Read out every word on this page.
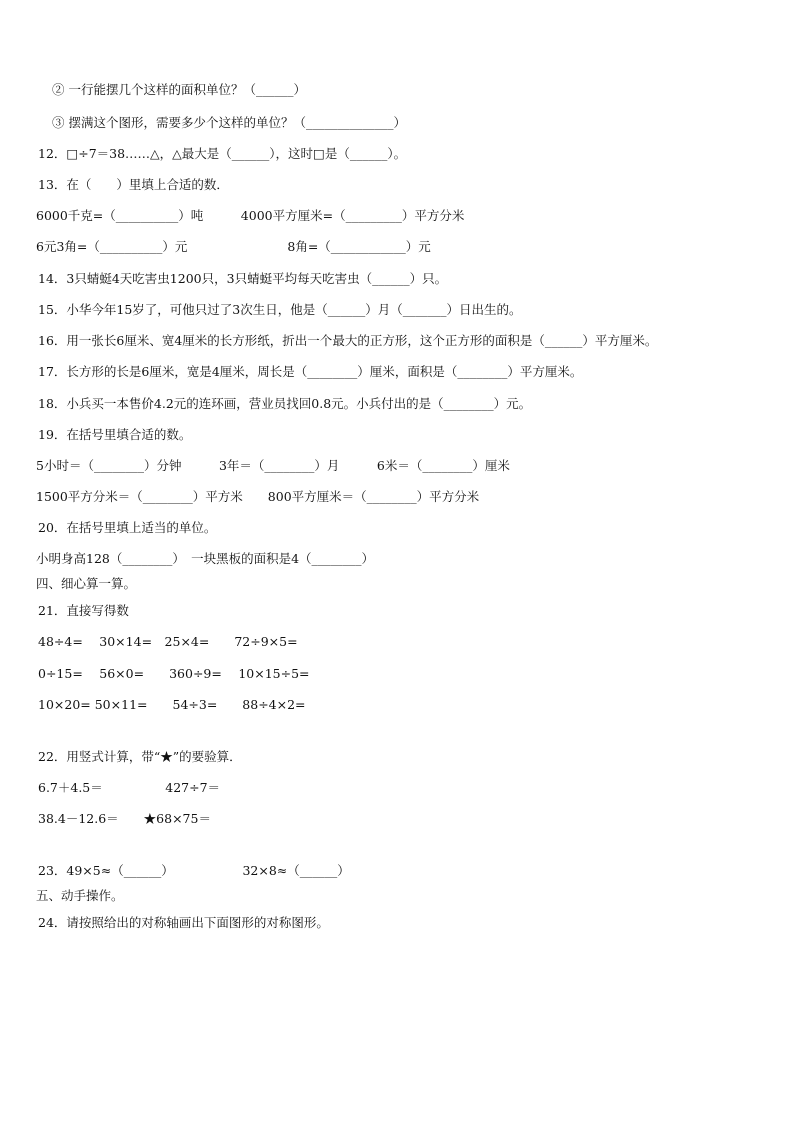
② 一行能摆几个这样的面积单位？（______）
③ 摆满这个图形，需要多少个这样的单位？（______________）
12．□÷7＝38……△，△最大是（______），这时□是（______）。
13．在（　　）里填上合适的数．
6000千克=（__________）吨　　　4000平方厘米=（_________）平方分米
6元3角=（__________）元　　　　　　　　8角=（____________）元
14．3只蜻蜓4天吃害虫1200只，3只蜻蜓平均每天吃害虫（______）只。
15．小华今年15岁了，可他只过了3次生日，他是（______）月（_______）日出生的。
16．用一张长6厘米、宽4厘米的长方形纸，折出一个最大的正方形，这个正方形的面积是（______）平方厘米。
17．长方形的长是6厘米，宽是4厘米，周长是（________）厘米，面积是（________）平方厘米。
18．小兵买一本售价4.2元的连环画，营业员找回0.8元。小兵付出的是（________）元。
19．在括号里填合适的数。
5小时＝（________）分钟　　　3年＝（________）月　　　6米＝（________）厘米
1500平方分米＝（________）平方米　　800平方厘米＝（________）平方分米
20．在括号里填上适当的单位。
小明身高128（________）　一块黑板的面积是4（________）
四、细心算一算。
21．直接写得数
48÷4=　 30×14=　25×4=　　72÷9×5=
0÷15=　 56×0=　　360÷9=　 10×15÷5=
10×20= 50×11=　　54÷3=　　88÷4×2=
22．用竖式计算，带“★”的要验算．
6.7＋4.5＝　　　　　427÷7＝
38.4－12.6＝　　★68×75＝
23．49×5≈（______）　　　　　　32×8≈（______）
五、动手操作。
24．请按照给出的对称轴画出下面图形的对称图形。
